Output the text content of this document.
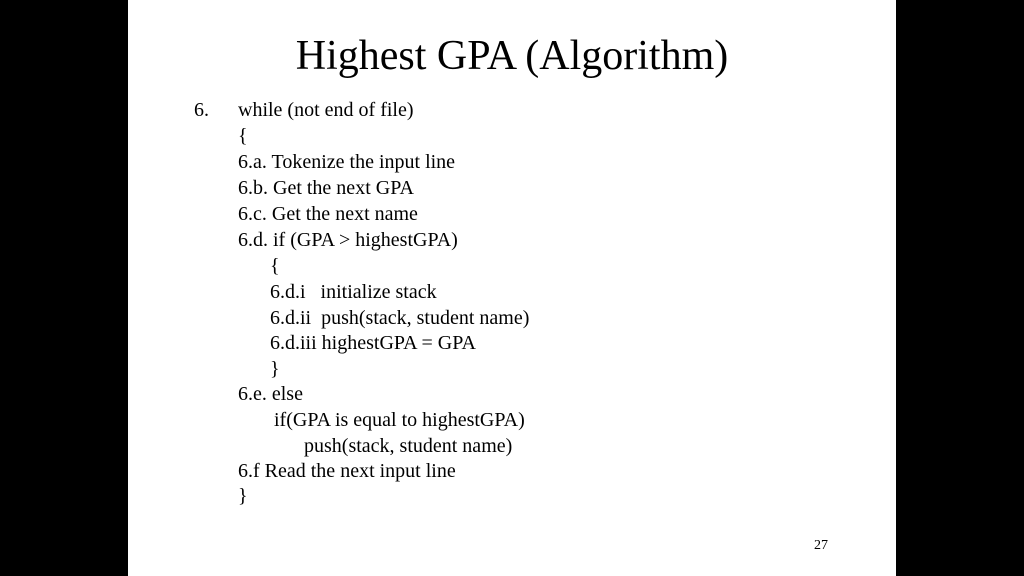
Highest GPA (Algorithm)
6. while (not end of file)
{
6.a. Tokenize the input line
6.b. Get the next GPA
6.c. Get the next name
6.d. if (GPA > highestGPA)
{
6.d.i   initialize stack
6.d.ii  push(stack, student name)
6.d.iii highestGPA = GPA
}
6.e. else
if(GPA is equal to highestGPA)
push(stack, student name)
6.f Read the next input line
}
27
